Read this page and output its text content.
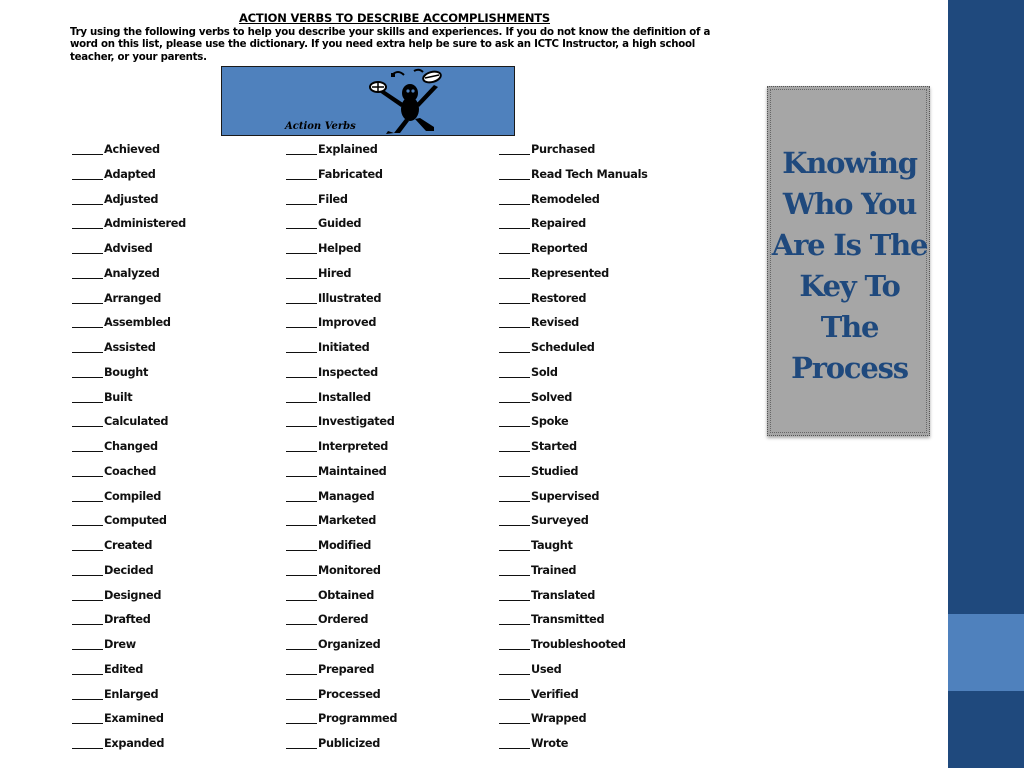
ACTION VERBS TO DESCRIBE ACCOMPLISHMENTS
Try using the following verbs to help you describe your skills and experiences. If you do not know the definition of a word on this list, please use the dictionary. If you need extra help be sure to ask an ICTC Instructor, a high school teacher, or your parents.
Action Verbs
Achieved
Adapted
Adjusted
Administered
Advised
Analyzed
Arranged
Assembled
Assisted
Bought
Built
Calculated
Changed
Coached
Compiled
Computed
Created
Decided
Designed
Drafted
Drew
Edited
Enlarged
Examined
Expanded
Explained
Fabricated
Filed
Guided
Helped
Hired
Illustrated
Improved
Initiated
Inspected
Installed
Investigated
Interpreted
Maintained
Managed
Marketed
Modified
Monitored
Obtained
Ordered
Organized
Prepared
Processed
Programmed
Publicized
Purchased
Read Tech Manuals
Remodeled
Repaired
Reported
Represented
Restored
Revised
Scheduled
Sold
Solved
Spoke
Started
Studied
Supervised
Surveyed
Taught
Trained
Translated
Transmitted
Troubleshooted
Used
Verified
Wrapped
Wrote
Knowing Who You Are Is The Key To The Process
